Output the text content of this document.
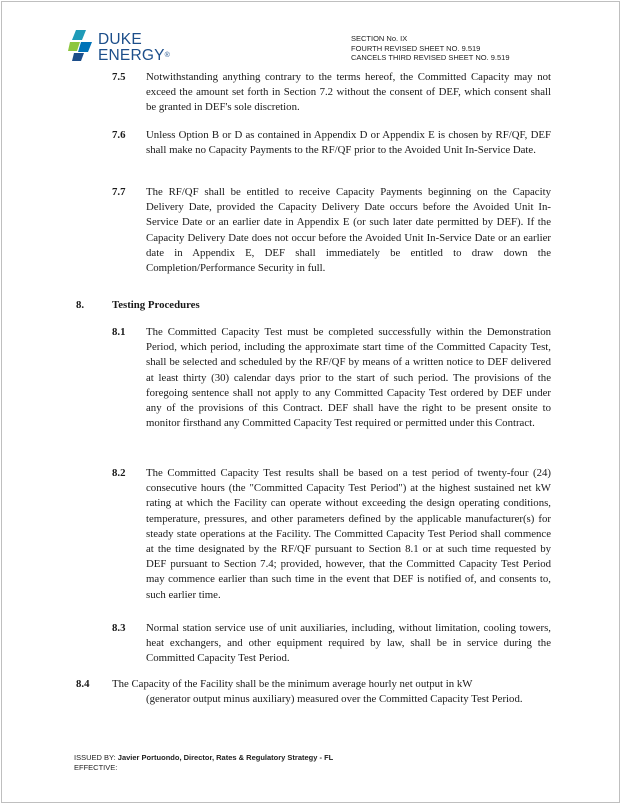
DUKE
ENERGY®
SECTION No. IX
FOURTH REVISED SHEET NO. 9.519
CANCELS THIRD REVISED SHEET NO. 9.519
7.5 Notwithstanding anything contrary to the terms hereof, the Committed Capacity may not exceed the amount set forth in Section 7.2 without the consent of DEF, which consent shall be granted in DEF's sole discretion.
7.6 Unless Option B or D as contained in Appendix D or Appendix E is chosen by RF/QF, DEF shall make no Capacity Payments to the RF/QF prior to the Avoided Unit In-Service Date.
7.7 The RF/QF shall be entitled to receive Capacity Payments beginning on the Capacity Delivery Date, provided the Capacity Delivery Date occurs before the Avoided Unit In-Service Date or an earlier date in Appendix E (or such later date permitted by DEF). If the Capacity Delivery Date does not occur before the Avoided Unit In-Service Date or an earlier date in Appendix E, DEF shall immediately be entitled to draw down the Completion/Performance Security in full.
8.	Testing Procedures
8.1 The Committed Capacity Test must be completed successfully within the Demonstration Period, which period, including the approximate start time of the Committed Capacity Test, shall be selected and scheduled by the RF/QF by means of a written notice to DEF delivered at least thirty (30) calendar days prior to the start of such period. The provisions of the foregoing sentence shall not apply to any Committed Capacity Test ordered by DEF under any of the provisions of this Contract. DEF shall have the right to be present onsite to monitor firsthand any Committed Capacity Test required or permitted under this Contract.
8.2 The Committed Capacity Test results shall be based on a test period of twenty-four (24) consecutive hours (the "Committed Capacity Test Period") at the highest sustained net kW rating at which the Facility can operate without exceeding the design operating conditions, temperature, pressures, and other parameters defined by the applicable manufacturer(s) for steady state operations at the Facility. The Committed Capacity Test Period shall commence at the time designated by the RF/QF pursuant to Section 8.1 or at such time requested by DEF pursuant to Section 7.4; provided, however, that the Committed Capacity Test Period may commence earlier than such time in the event that DEF is notified of, and consents to, such earlier time.
8.3 Normal station service use of unit auxiliaries, including, without limitation, cooling towers, heat exchangers, and other equipment required by law, shall be in service during the Committed Capacity Test Period.
8.4 The Capacity of the Facility shall be the minimum average hourly net output in kW
(generator output minus auxiliary) measured over the Committed Capacity Test Period.
ISSUED BY: Javier Portuondo, Director, Rates & Regulatory Strategy - FL
EFFECTIVE:
